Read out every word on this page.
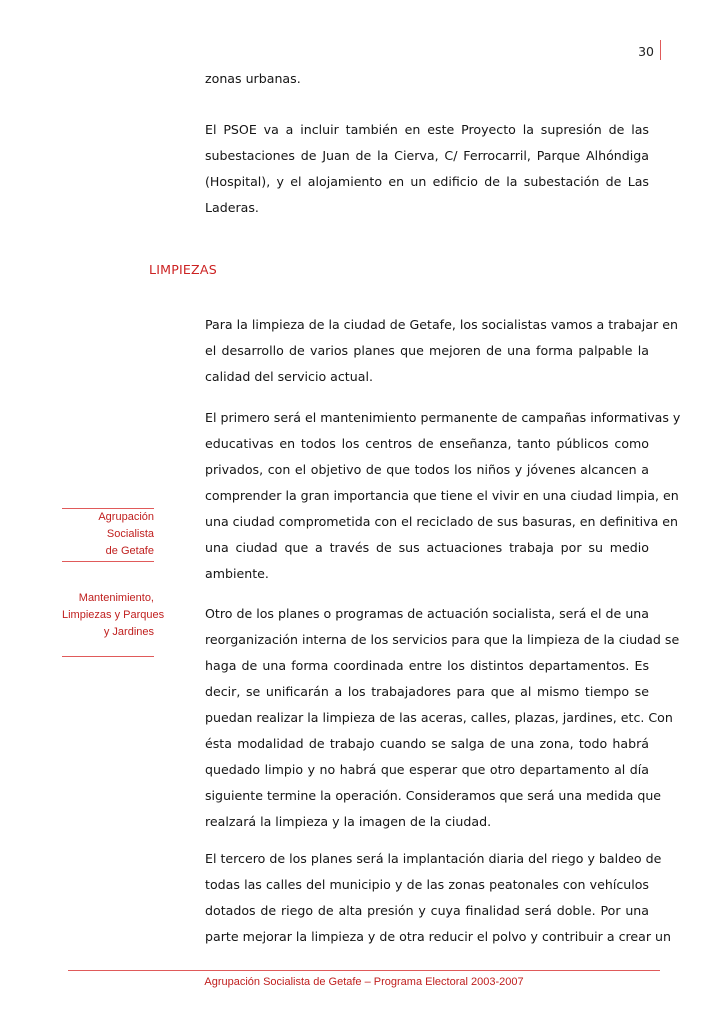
30
zonas urbanas.
El PSOE va a incluir también en este Proyecto la supresión de las
subestaciones de Juan de la Cierva, C/ Ferrocarril, Parque Alhóndiga
(Hospital), y el alojamiento en un edificio de la subestación de Las
Laderas.
LIMPIEZAS
Para la limpieza de la ciudad de Getafe, los socialistas vamos a trabajar en
el desarrollo de varios planes que mejoren de una forma palpable la
calidad del servicio actual.
El primero será el mantenimiento permanente de campañas informativas y
educativas en todos los centros de enseñanza, tanto públicos como
privados, con el objetivo de que todos los niños y jóvenes alcancen a
comprender la gran importancia que tiene el vivir en una ciudad limpia, en
una ciudad comprometida con el reciclado de sus basuras, en definitiva en
una ciudad que a través de sus actuaciones trabaja por su medio
ambiente.
Otro de los planes o programas de actuación socialista, será el de una
reorganización interna de los servicios para que la limpieza de la ciudad se
haga de una forma coordinada entre los distintos departamentos. Es
decir, se unificarán a los trabajadores para que al mismo tiempo se
puedan realizar la limpieza de las aceras, calles, plazas, jardines, etc. Con
ésta modalidad de trabajo cuando se salga de una zona, todo habrá
quedado limpio y no habrá que esperar que otro departamento al día
siguiente termine la operación. Consideramos que será una medida que
realzará la limpieza y la imagen de la ciudad.
El tercero de los planes será la implantación diaria del riego y baldeo de
todas las calles del municipio y de las zonas peatonales con vehículos
dotados de riego de alta presión y cuya finalidad será doble. Por una
parte mejorar la limpieza y de otra reducir el polvo y contribuir a crear un
Agrupación
Socialista
de Getafe
Mantenimiento,
Limpiezas y Parques
y Jardines
Agrupación Socialista de Getafe – Programa Electoral 2003-2007
